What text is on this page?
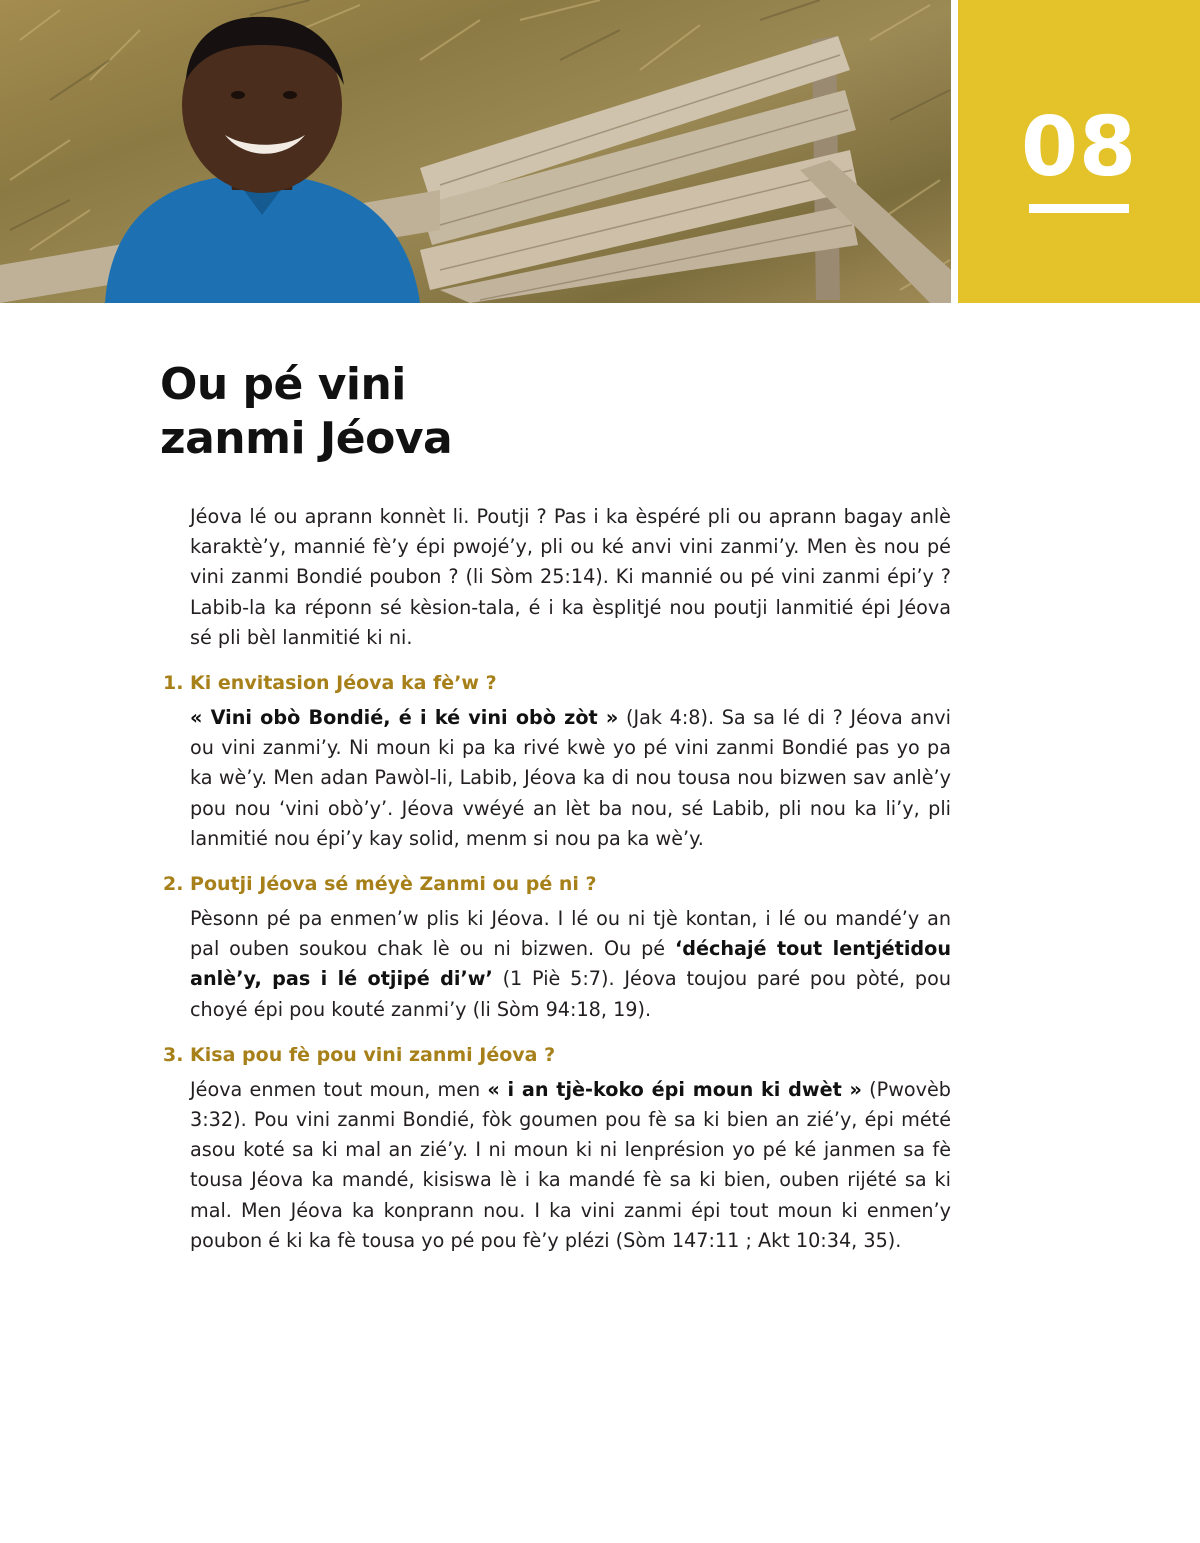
08
Ou pé vini
zanmi Jéova

Jéova lé ou aprann konnèt li. Poutji ? Pas i ka èspéré pli ou aprann bagay anlè karaktè’y, mannié fè’y épi pwojé’y, pli ou ké anvi vini zanmi’y. Men ès nou pé vini zanmi Bondié poubon ? (li Sòm 25:14). Ki mannié ou pé vini zanmi épi’y ? Labib-la ka réponn sé kèsion-tala, é i ka èsplitjé nou poutji lanmitié épi Jéova sé pli bèl lanmitié ki ni.

1. Ki envitasion Jéova ka fè’w ?

« Vini obò Bondié, é i ké vini obò zòt » (Jak 4:8). Sa sa lé di ? Jéova anvi ou vini zanmi’y. Ni moun ki pa ka rivé kwè yo pé vini zanmi Bondié pas yo pa ka wè’y. Men adan Pawòl-li, Labib, Jéova ka di nou tousa nou bizwen sav anlè’y pou nou ‘vini obò’y’. Jéova vwéyé an lèt ba nou, sé Labib, pli nou ka li’y, pli lanmitié nou épi’y kay solid, menm si nou pa ka wè’y.

2. Poutji Jéova sé méyè Zanmi ou pé ni ?

Pèsonn pé pa enmen’w plis ki Jéova. I lé ou ni tjè kontan, i lé ou mandé’y an pal ouben soukou chak lè ou ni bizwen. Ou pé ‘déchajé tout lentjétidou anlè’y, pas i lé otjipé di’w’ (1 Piè 5:7). Jéova toujou paré pou pòté, pou choyé épi pou kouté zanmi’y (li Sòm 94:18, 19).

3. Kisa pou fè pou vini zanmi Jéova ?

Jéova enmen tout moun, men « i an tjè-koko épi moun ki dwèt » (Pwovèb 3:32). Pou vini zanmi Bondié, fòk goumen pou fè sa ki bien an zié’y, épi mété asou koté sa ki mal an zié’y. I ni moun ki ni lenprésion yo pé ké janmen sa fè tousa Jéova ka mandé, kisiswa lè i ka mandé fè sa ki bien, ouben rijété sa ki mal. Men Jéova ka konprann nou. I ka vini zanmi épi tout moun ki enmen’y poubon é ki ka fè tousa yo pé pou fè’y plézi (Sòm 147:11 ; Akt 10:34, 35).
